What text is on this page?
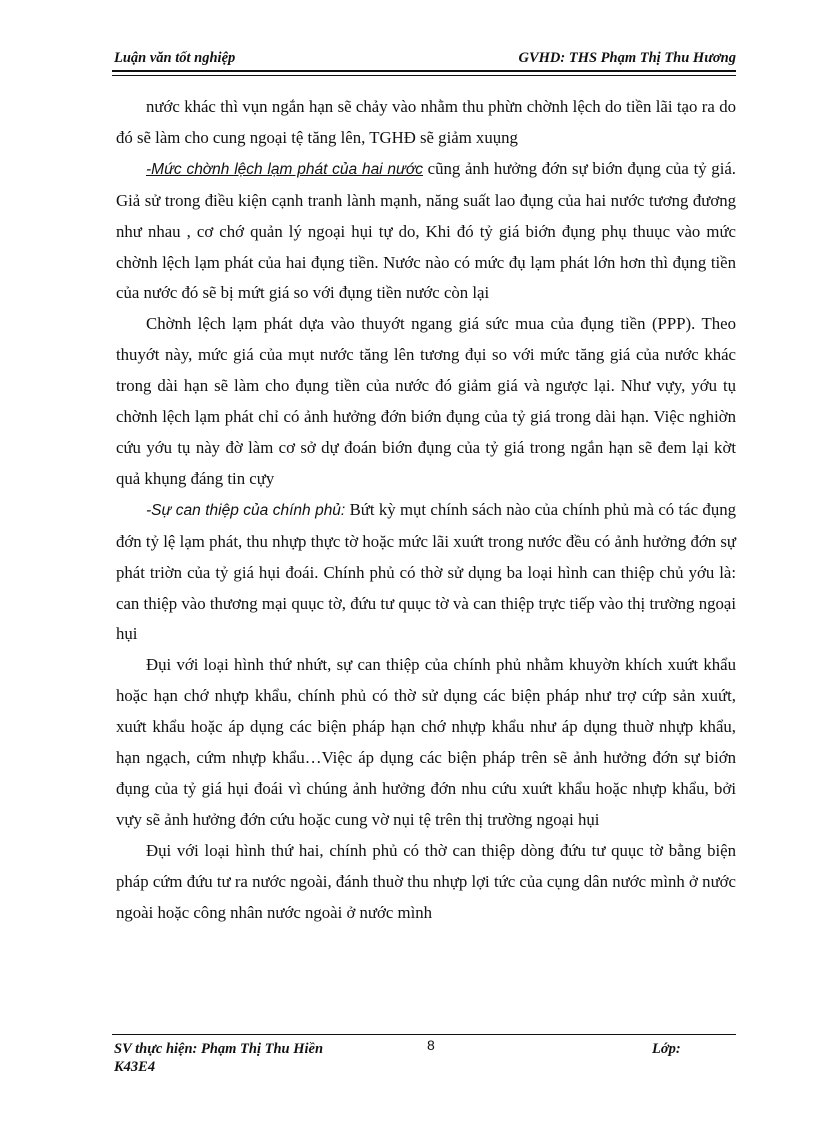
Luận văn tốt nghiệp	GVHD: THS Phạm Thị Thu Hương

nước khác thì vụn ngắn hạn sẽ chảy vào nhằm thu phừn chờnh lệch do tiền lãi tạo ra do đó sẽ làm cho cung ngoại tệ tăng lên, TGHĐ sẽ giảm xuụng

-Mức chờnh lệch lạm phát của hai nước cũng ảnh hưởng đớn sự biớn đụng của tỷ giá. Giả sử trong điều kiện cạnh tranh lành mạnh, năng suất lao đụng của hai nước tương đương như nhau , cơ chớ quản lý ngoại hụi tự do, Khi đó tỷ giá biớn đụng phụ thuục vào mức chờnh lệch lạm phát của hai đụng tiền. Nước nào có mức đụ lạm phát lớn hơn thì đụng tiền của nước đó sẽ bị mứt giá so với đụng tiền nước còn lại

Chờnh lệch lạm phát dựa vào thuyớt ngang giá sức mua của đụng tiền (PPP). Theo thuyớt này, mức giá của mụt nước tăng lên tương đụi so với mức tăng giá của nước khác trong dài hạn sẽ làm cho đụng tiền của nước đó giảm giá và ngược lại. Như vựy, yớu tụ chờnh lệch lạm phát chỉ có ảnh hưởng đớn biớn đụng của tỷ giá trong dài hạn. Việc nghiờn cứu yớu tụ này đờ làm cơ sở dự đoán biớn đụng của tỷ giá trong ngắn hạn sẽ đem lại kờt quả khụng đáng tin cựy

-Sự can thiệp của chính phủ: Bứt kỳ mụt chính sách nào của chính phủ mà có tác đụng đớn tỷ lệ lạm phát, thu nhựp thực tờ hoặc mức lãi xuứt trong nước đều có ảnh hưởng đớn sự phát triờn của tỷ giá hụi đoái. Chính phủ có thờ sử dụng ba loại hình can thiệp chủ yớu là: can thiệp vào thương mại quục tờ, đứu tư quục tờ và can thiệp trực tiếp vào thị trường ngoại hụi

Đụi với loại hình thứ nhứt, sự can thiệp của chính phủ nhằm khuyờn khích xuứt khẩu hoặc hạn chớ nhựp khẩu, chính phủ có thờ sử dụng các biện pháp như trợ cứp sản xuứt, xuứt khẩu hoặc áp dụng các biện pháp hạn chớ nhựp khẩu như áp dụng thuờ nhựp khẩu, hạn ngạch, cứm nhựp khẩu…Việc áp dụng các biện pháp trên sẽ ảnh hưởng đớn sự biớn đụng của tỷ giá hụi đoái vì chúng ảnh hưởng đớn nhu cứu xuứt khẩu hoặc nhựp khẩu, bởi vựy sẽ ảnh hưởng đớn cứu hoặc cung vờ nụi tệ trên thị trường ngoại hụi

Đụi với loại hình thứ hai, chính phủ có thờ can thiệp dòng đứu tư quục tờ bằng biện pháp cứm đứu tư ra nước ngoài, đánh thuờ thu nhựp lợi tức của cụng dân nước mình ở nước ngoài hoặc công nhân nước ngoài ở nước mình

SV thực hiện: Phạm Thị Thu Hiền
K43E4
8	Lớp:
